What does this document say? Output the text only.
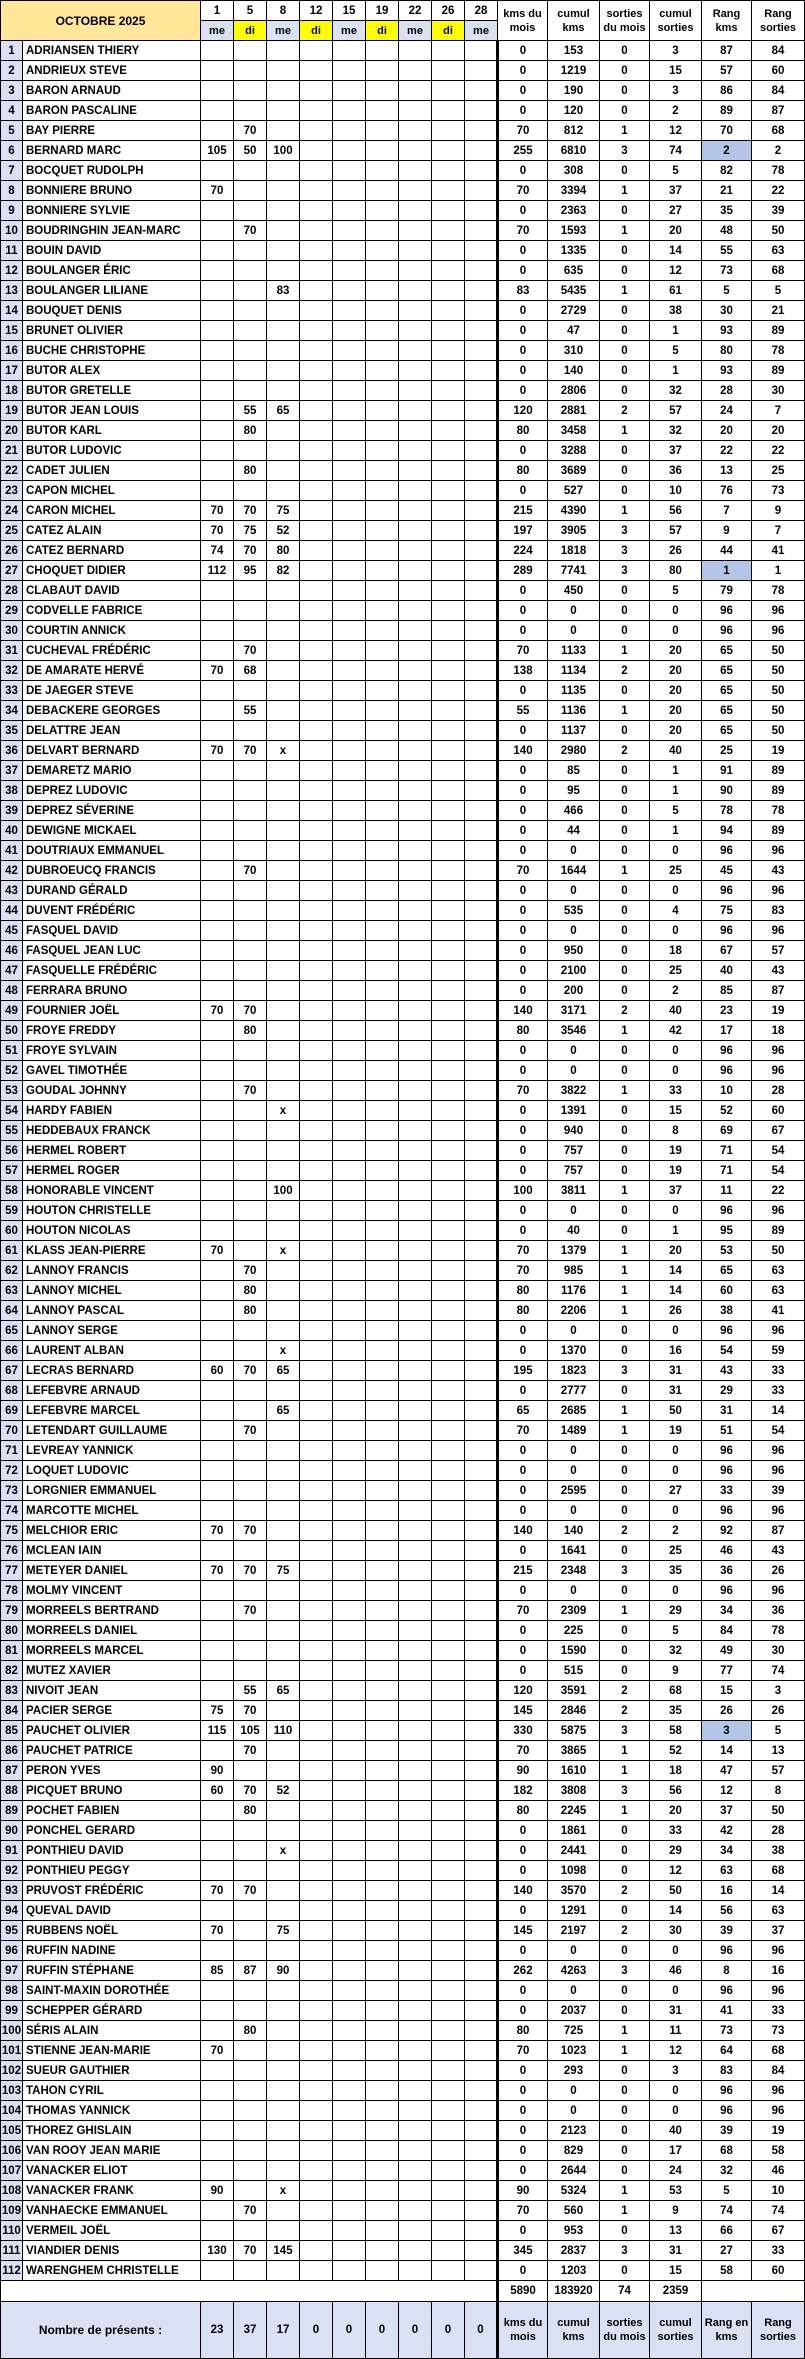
OCTOBRE 2025		1	5	8	12	15	19	22	26	28	kms du mois	cumul kms	sorties du mois	cumul sorties	Rang kms	Rang sorties
		me	di	me	di	me	di	me	di	me						
1	ADRIANSEN THIERY										0	153	0	3	87	84
2	ANDRIEUX STEVE										0	1219	0	15	57	60
3	BARON ARNAUD										0	190	0	3	86	84
4	BARON PASCALINE										0	120	0	2	89	87
5	BAY PIERRE		70								70	812	1	12	70	68
6	BERNARD MARC	105	50	100							255	6810	3	74	2	2
7	BOCQUET RUDOLPH										0	308	0	5	82	78
8	BONNIERE BRUNO	70									70	3394	1	37	21	22
9	BONNIERE SYLVIE										0	2363	0	27	35	39
10	BOUDRINGHIN JEAN-MARC		70								70	1593	1	20	48	50
11	BOUIN DAVID										0	1335	0	14	55	63
12	BOULANGER ÉRIC										0	635	0	12	73	68
13	BOULANGER LILIANE			83							83	5435	1	61	5	5
14	BOUQUET DENIS										0	2729	0	38	30	21
15	BRUNET OLIVIER										0	47	0	1	93	89
16	BUCHE CHRISTOPHE										0	310	0	5	80	78
17	BUTOR ALEX										0	140	0	1	93	89
18	BUTOR GRETELLE										0	2806	0	32	28	30
19	BUTOR JEAN LOUIS		55	65							120	2881	2	57	24	7
20	BUTOR KARL		80								80	3458	1	32	20	20
21	BUTOR LUDOVIC										0	3288	0	37	22	22
22	CADET JULIEN		80								80	3689	0	36	13	25
23	CAPON MICHEL										0	527	0	10	76	73
24	CARON MICHEL	70	70	75							215	4390	1	56	7	9
25	CATEZ ALAIN	70	75	52							197	3905	3	57	9	7
26	CATEZ BERNARD	74	70	80							224	1818	3	26	44	41
27	CHOQUET DIDIER	112	95	82							289	7741	3	80	1	1
28	CLABAUT DAVID										0	450	0	5	79	78
29	CODVELLE FABRICE										0	0	0	0	96	96
30	COURTIN ANNICK										0	0	0	0	96	96
31	CUCHEVAL FRÉDÉRIC		70								70	1133	1	20	65	50
32	DE AMARATE HERVÉ	70	68								138	1134	2	20	65	50
33	DE JAEGER STEVE										0	1135	0	20	65	50
34	DEBACKERE GEORGES		55								55	1136	1	20	65	50
35	DELATTRE JEAN										0	1137	0	20	65	50
36	DELVART BERNARD	70	70	x							140	2980	2	40	25	19
37	DEMARETZ MARIO										0	85	0	1	91	89
38	DEPREZ LUDOVIC										0	95	0	1	90	89
39	DEPREZ SÉVERINE										0	466	0	5	78	78
40	DEWIGNE MICKAEL										0	44	0	1	94	89
41	DOUTRIAUX EMMANUEL										0	0	0	0	96	96
42	DUBROEUCQ FRANCIS		70								70	1644	1	25	45	43
43	DURAND GÉRALD										0	0	0	0	96	96
44	DUVENT FRÉDÉRIC										0	535	0	4	75	83
45	FASQUEL DAVID										0	0	0	0	96	96
46	FASQUEL JEAN LUC										0	950	0	18	67	57
47	FASQUELLE FRÉDÉRIC										0	2100	0	25	40	43
48	FERRARA BRUNO										0	200	0	2	85	87
49	FOURNIER JOËL	70	70								140	3171	2	40	23	19
50	FROYE FREDDY		80								80	3546	1	42	17	18
51	FROYE SYLVAIN										0	0	0	0	96	96
52	GAVEL TIMOTHÉE										0	0	0	0	96	96
53	GOUDAL JOHNNY		70								70	3822	1	33	10	28
54	HARDY FABIEN			x							0	1391	0	15	52	60
55	HEDDEBAUX FRANCK										0	940	0	8	69	67
56	HERMEL ROBERT										0	757	0	19	71	54
57	HERMEL ROGER										0	757	0	19	71	54
58	HONORABLE VINCENT			100							100	3811	1	37	11	22
59	HOUTON CHRISTELLE										0	0	0	0	96	96
60	HOUTON NICOLAS										0	40	0	1	95	89
61	KLASS JEAN-PIERRE	70		x							70	1379	1	20	53	50
62	LANNOY FRANCIS		70								70	985	1	14	65	63
63	LANNOY MICHEL		80								80	1176	1	14	60	63
64	LANNOY PASCAL		80								80	2206	1	26	38	41
65	LANNOY SERGE										0	0	0	0	96	96
66	LAURENT ALBAN			x							0	1370	0	16	54	59
67	LECRAS BERNARD	60	70	65							195	1823	3	31	43	33
68	LEFEBVRE ARNAUD										0	2777	0	31	29	33
69	LEFEBVRE MARCEL			65							65	2685	1	50	31	14
70	LETENDART GUILLAUME		70								70	1489	1	19	51	54
71	LEVREAY YANNICK										0	0	0	0	96	96
72	LOQUET LUDOVIC										0	0	0	0	96	96
73	LORGNIER EMMANUEL										0	2595	0	27	33	39
74	MARCOTTE MICHEL										0	0	0	0	96	96
75	MELCHIOR ERIC	70	70								140	140	2	2	92	87
76	MCLEAN IAIN										0	1641	0	25	46	43
77	METEYER DANIEL	70	70	75							215	2348	3	35	36	26
78	MOLMY VINCENT										0	0	0	0	96	96
79	MORREELS BERTRAND		70								70	2309	1	29	34	36
80	MORREELS DANIEL										0	225	0	5	84	78
81	MORREELS MARCEL										0	1590	0	32	49	30
82	MUTEZ XAVIER										0	515	0	9	77	74
83	NIVOIT JEAN		55	65							120	3591	2	68	15	3
84	PACIER SERGE	75	70								145	2846	2	35	26	26
85	PAUCHET OLIVIER	115	105	110							330	5875	3	58	3	5
86	PAUCHET PATRICE		70								70	3865	1	52	14	13
87	PERON YVES	90									90	1610	1	18	47	57
88	PICQUET BRUNO	60	70	52							182	3808	3	56	12	8
89	POCHET FABIEN		80								80	2245	1	20	37	50
90	PONCHEL GERARD										0	1861	0	33	42	28
91	PONTHIEU DAVID			x							0	2441	0	29	34	38
92	PONTHIEU PEGGY										0	1098	0	12	63	68
93	PRUVOST FRÉDÉRIC	70	70								140	3570	2	50	16	14
94	QUEVAL DAVID										0	1291	0	14	56	63
95	RUBBENS NOËL	70		75							145	2197	2	30	39	37
96	RUFFIN NADINE										0	0	0	0	96	96
97	RUFFIN STÉPHANE	85	87	90							262	4263	3	46	8	16
98	SAINT-MAXIN DOROTHÉE										0	0	0	0	96	96
99	SCHEPPER GÉRARD										0	2037	0	31	41	33
100	SÉRIS ALAIN		80								80	725	1	11	73	73
101	STIENNE JEAN-MARIE	70									70	1023	1	12	64	68
102	SUEUR GAUTHIER										0	293	0	3	83	84
103	TAHON CYRIL										0	0	0	0	96	96
104	THOMAS YANNICK										0	0	0	0	96	96
105	THOREZ GHISLAIN										0	2123	0	40	39	19
106	VAN ROOY JEAN MARIE										0	829	0	17	68	58
107	VANACKER ELIOT										0	2644	0	24	32	46
108	VANACKER FRANK	90		x							90	5324	1	53	5	10
109	VANHAECKE EMMANUEL		70								70	560	1	9	74	74
110	VERMEIL JOËL										0	953	0	13	66	67
111	VIANDIER DENIS	130	70	145							345	2837	3	31	27	33
112	WARENGHEM CHRISTELLE										0	1203	0	15	58	60
											5890	183920	74	2359		
Nombre de présents :		23	37	17	0	0	0	0	0	0	kms du mois	cumul kms	sorties du mois	cumul sorties	Rang en kms	Rang sorties
